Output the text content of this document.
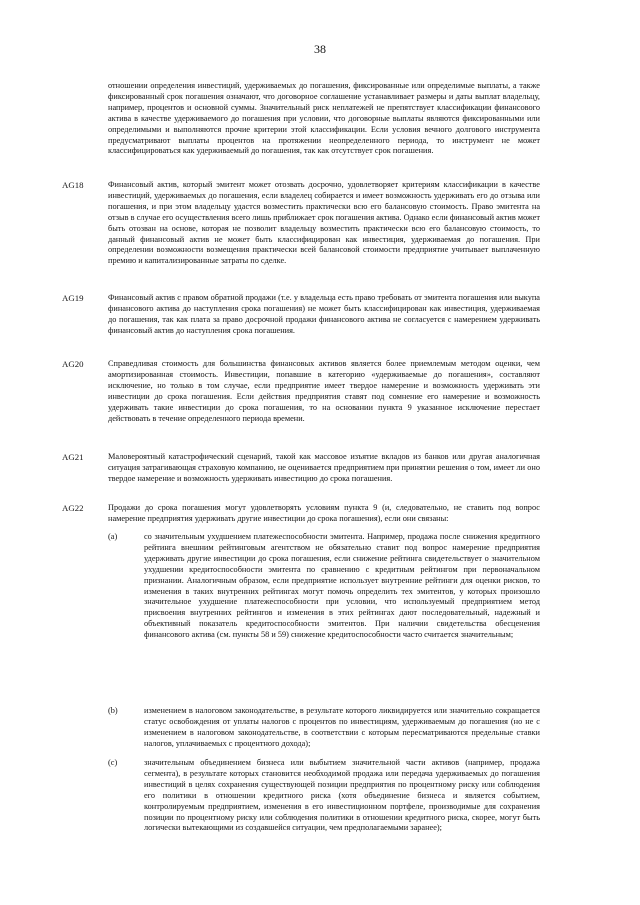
38

отношении определения инвестиций, удерживаемых до погашения, фиксированные или определимые выплаты, а также фиксированный срок погашения означают, что договорное соглашение устанавливает размеры и даты выплат владельцу, например, процентов и основной суммы. Значительный риск неплатежей не препятствует классификации финансового актива в качестве удерживаемого до погашения при условии, что договорные выплаты являются фиксированными или определимыми и выполняются прочие критерии этой классификации. Если условия вечного долгового инструмента предусматривают выплаты процентов на протяжении неопределенного периода, то инструмент не может классифицироваться как удерживаемый до погашения, так как отсутствует срок погашения.

AG18	Финансовый актив, который эмитент может отозвать досрочно, удовлетворяет критериям классификации в качестве инвестиций, удерживаемых до погашения, если владелец собирается и имеет возможность удерживать его до отзыва или погашения, и при этом владельцу удастся возместить практически всю его балансовую стоимость. Право эмитента на отзыв в случае его осуществления всего лишь приближает срок погашения актива. Однако если финансовый актив может быть отозван на основе, которая не позволит владельцу возместить практически всю его балансовую стоимость, то данный финансовый актив не может быть классифицирован как инвестиция, удерживаемая до погашения. При определении возможности возмещения практически всей балансовой стоимости предприятие учитывает выплаченную премию и капитализированные затраты по сделке.

AG19	Финансовый актив с правом обратной продажи (т.е. у владельца есть право требовать от эмитента погашения или выкупа финансового актива до наступления срока погашения) не может быть классифицирован как инвестиция, удерживаемая до погашения, так как плата за право досрочной продажи финансового актива не согласуется с намерением удерживать финансовый актив до наступления срока погашения.

AG20	Справедливая стоимость для большинства финансовых активов является более приемлемым методом оценки, чем амортизированная стоимость. Инвестиции, попавшие в категорию «удерживаемые до погашения», составляют исключение, но только в том случае, если предприятие имеет твердое намерение и возможность удерживать эти инвестиции до срока погашения. Если действия предприятия ставят под сомнение его намерение и возможность удерживать такие инвестиции до срока погашения, то на основании пункта 9 указанное исключение перестает действовать в течение определенного периода времени.

AG21	Маловероятный катастрофический сценарий, такой как массовое изъятие вкладов из банков или другая аналогичная ситуация затрагивающая страховую компанию, не оценивается предприятием при принятии решения о том, имеет ли оно твердое намерение и возможность удерживать инвестицию до срока погашения.

AG22	Продажи до срока погашения могут удовлетворять условиям пункта 9 (и, следовательно, не ставить под вопрос намерение предприятия удерживать другие инвестиции до срока погашения), если они связаны:

(a)	со значительным ухудшением платежеспособности эмитента. Например, продажа после снижения кредитного рейтинга внешним рейтинговым агентством не обязательно ставит под вопрос намерение предприятия удерживать другие инвестиции до срока погашения, если снижение рейтинга свидетельствует о значительном ухудшении кредитоспособности эмитента по сравнению с кредитным рейтингом при первоначальном признании. Аналогичным образом, если предприятие использует внутренние рейтинги для оценки рисков, то изменения в таких внутренних рейтингах могут помочь определить тех эмитентов, у которых произошло значительное ухудшение платежеспособности при условии, что используемый предприятием метод присвоения внутренних рейтингов и изменения в этих рейтингах дают последовательный, надежный и объективный показатель кредитоспособности эмитентов. При наличии свидетельства обесценения финансового актива (см. пункты 58 и 59) снижение кредитоспособности часто считается значительным;

(b)	изменением в налоговом законодательстве, в результате которого ликвидируется или значительно сокращается статус освобождения от уплаты налогов с процентов по инвестициям, удерживаемым до погашения (но не с изменением в налоговом законодательстве, в соответствии с которым пересматриваются предельные ставки налогов, уплачиваемых с процентного дохода);

(c)	значительным объединением бизнеса или выбытием значительной части активов (например, продажа сегмента), в результате которых становится необходимой продажа или передача удерживаемых до погашения инвестиций в целях сохранения существующей позиции предприятия по процентному риску или соблюдения его политики в отношении кредитного риска (хотя объединение бизнеса и является событием, контролируемым предприятием, изменения в его инвестиционном портфеле, производимые для сохранения позиции по процентному риску или соблюдения политики в отношении кредитного риска, скорее, могут быть логически вытекающими из создавшейся ситуации, чем предполагаемыми заранее);
